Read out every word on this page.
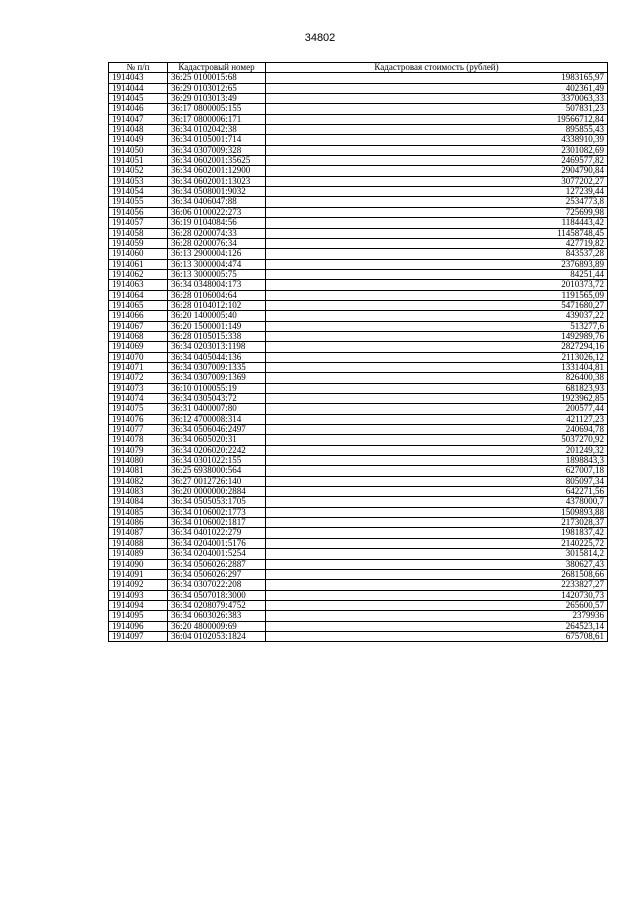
34802
№ п/п	Кадастровый номер	Кадастровая стоимость (рублей)
1914043	36:25 0100015:68	1983165,97
1914044	36:29 0103012:65	402361,49
1914045	36:29 0103013:49	3370063,33
1914046	36:17 0800005:155	507831,23
1914047	36:17 0800006:171	19566712,84
1914048	36:34 0102042:38	895855,43
1914049	36:34 0105001:714	4338910,39
1914050	36:34 0307009:328	2301082,69
1914051	36:34 0602001:35625	2469577,82
1914052	36:34 0602001:12900	2904790,84
1914053	36:34 0602001:13023	3077202,27
1914054	36:34 0508001:9032	127239,44
1914055	36:34 0406047:88	2534773,8
1914056	36:06 0100022:273	725699,98
1914057	36:19 0104084:56	1184443,42
1914058	36:28 0200074:33	11458748,45
1914059	36:28 0200076:34	427719,82
1914060	36:13 2900004:126	843537,28
1914061	36:13 3000004:474	2376893,89
1914062	36:13 3000005:75	84251,44
1914063	36:34 0348004:173	2010373,72
1914064	36:28 0106004:64	1191565,09
1914065	36:28 0104012:102	5471680,27
1914066	36:20 1400005:40	439037,22
1914067	36:20 1500001:149	513277,6
1914068	36:28 0105015:338	1492989,76
1914069	36:34 0203013:1198	2827294,16
1914070	36:34 0405044:136	2113026,12
1914071	36:34 0307009:1335	1331404,81
1914072	36:34 0307009:1369	826400,38
1914073	36:10 0100055:19	681823,93
1914074	36:34 0305043:72	1923962,85
1914075	36:31 0400007:80	200577,44
1914076	36:12 4700008:314	421127,23
1914077	36:34 0506046:2497	240694,78
1914078	36:34 0605020:31	5037270,92
1914079	36:34 0206020:2242	201249,32
1914080	36:34 0301022:155	1898843,3
1914081	36:25 6938000:564	627007,18
1914082	36:27 0012726:140	805097,34
1914083	36:20 0000000:2884	642271,56
1914084	36:34 0505053:1705	4378000,7
1914085	36:34 0106002:1773	1509893,88
1914086	36:34 0106002:1817	2173028,37
1914087	36:34 0401022:279	1981837,42
1914088	36:34 0204001:5176	2140225,72
1914089	36:34 0204001:5254	3015814,2
1914090	36:34 0506026:2887	380627,43
1914091	36:34 0506026:297	2681508,66
1914092	36:34 0307022:208	2233827,27
1914093	36:34 0507018:3000	1420730,73
1914094	36:34 0208079:4752	265600,57
1914095	36:34 0603026:383	2379936
1914096	36:20 4800009:69	264523,14
1914097	36:04 0102053:1824	675708,61
